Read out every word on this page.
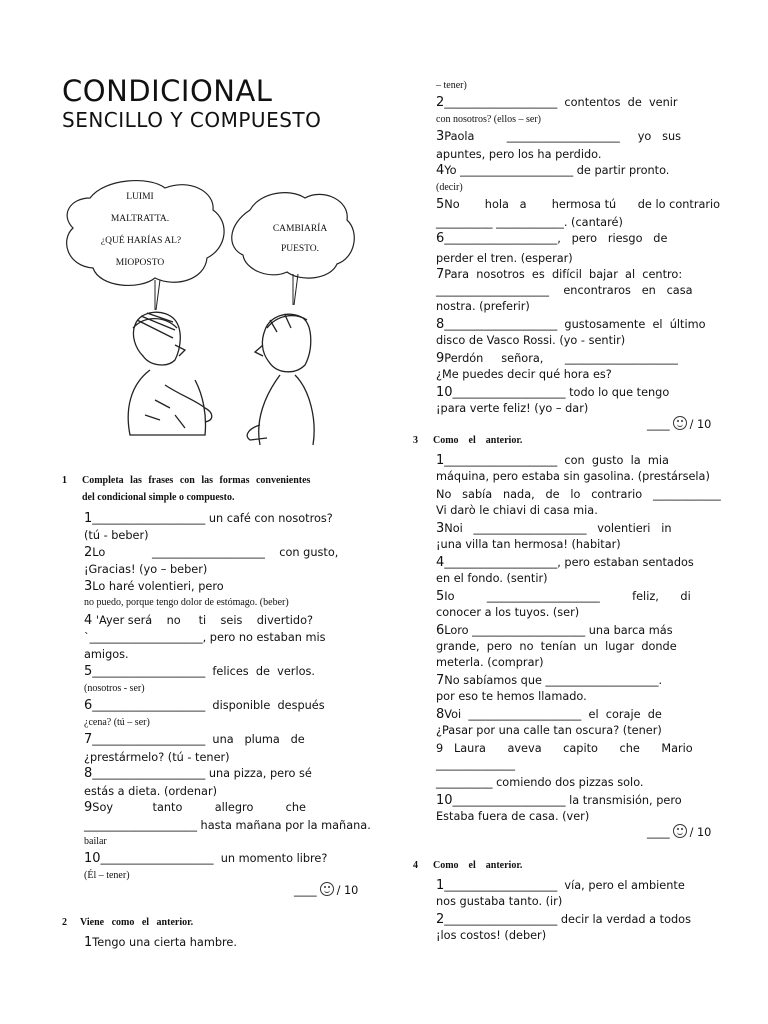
CONDICIONAL
SENCILLO Y COMPUESTO
LUIMI
MALTRATTA.
¿QUÉ HARÍAS AL?
MIOPOSTO
CAMBIARÍA
PUESTO.
1 Completa las frases con las formas convenientes
del condicional simple o compuesto.
1____________________ un café con nosotros?
(tú - beber)
2Lo             ____________________    con gusto,
¡Gracias! (yo – beber)
3Lo haré volentieri, pero
no puedo, porque tengo dolor de estómago. (beber)
4 'Ayer será    no     ti    seis    divertido?
`____________________, pero no estaban mis
amigos.
5____________________  felices  de  verlos.
(nosotros - ser)
6____________________  disponible  después
¿cena? (tú – ser)
7____________________  una   pluma   de
¿prestármelo? (tú - tener)
8____________________ una pizza, pero sé
estás a dieta. (ordenar)
9Soy           tanto         allegro         che
____________________ hasta mañana por la mañana.
bailar
10____________________  un momento libre?
(Él – tener)
____ / 10
2 Viene   como   el   anterior.
1Tengo una cierta hambre.
– tener)
2____________________  contentos  de  venir
con nosotros? (ellos – ser)
3Paola         ____________________     yo   sus
apuntes, pero los ha perdido.
4Yo ____________________ de partir pronto.
(decir)
5No       hola   a       hermosa tú      de lo contrario
__________ ____________. (cantaré)
6____________________,   pero   riesgo   de
perder el tren. (esperar)
7Para  nosotros  es  difícil  bajar  al  centro:
____________________    encontraros   en   casa
nostra. (preferir)
8____________________  gustosamente  el  último
disco de Vasco Rossi. (yo - sentir)
9Perdón     señora,      ____________________
¿Me puedes decir qué hora es?
10____________________ todo lo que tengo
¡para verte feliz! (yo – dar)
____ / 10
3 Como    el    anterior.
1____________________  con  gusto  la  mia
máquina, pero estaba sin gasolina. (prestársela)
No   sabía   nada,   de   lo   contrario   ____________
Vi darò le chiavi di casa mia.
3Noi   ____________________   volentieri   in
¡una villa tan hermosa! (habitar)
4____________________, pero estaban sentados
en el fondo. (sentir)
5Io         ____________________         feliz,      di
conocer a los tuyos. (ser)
6Loro ____________________ una barca más
grande,  pero  no  tenían  un  lugar  donde
meterla. (comprar)
7No sabíamos que ____________________.
por eso te hemos llamado.
8Voi  ____________________  el  coraje  de
¿Pasar por una calle tan oscura? (tener)
9   Laura      aveva      capito      che      Mario
______________
__________ comiendo dos pizzas solo.
10____________________ la transmisión, pero
Estaba fuera de casa. (ver)
____ / 10
4 Como    el    anterior.
1____________________  vía, pero el ambiente
nos gustaba tanto. (ir)
2____________________ decir la verdad a todos
¡los costos! (deber)
